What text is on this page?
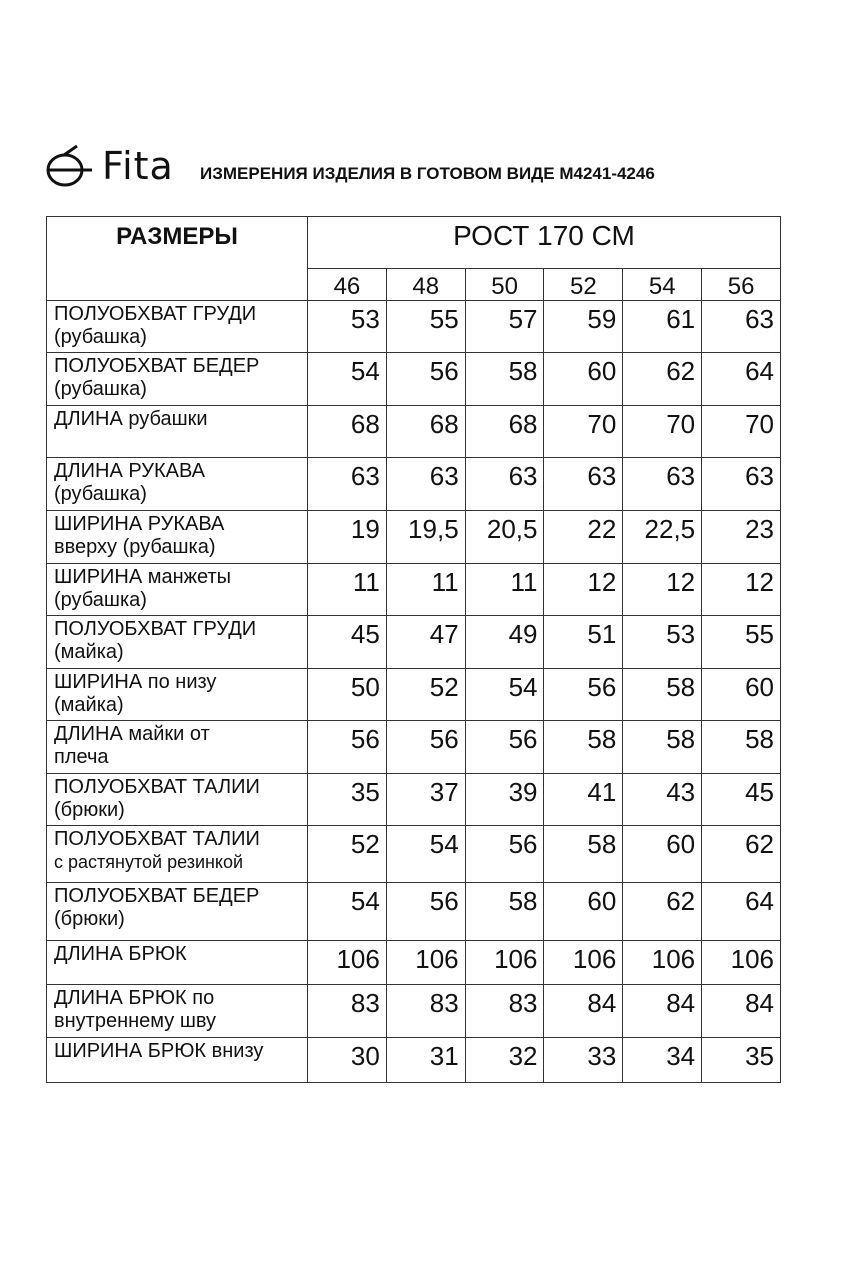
Fita ИЗМЕРЕНИЯ ИЗДЕЛИЯ В ГОТОВОМ ВИДЕ М4241-4246
РАЗМЕРЫ	РОСТ 170 СМ					
	46	48	50	52	54	56

ПОЛУОБХВАТ ГРУДИ
(рубашка)	53	55	57	59	61	63

ПОЛУОБХВАТ БЕДЕР
(рубашка)	54	56	58	60	62	64

ДЛИНА рубашки	68	68	68	70	70	70

ДЛИНА РУКАВА
(рубашка)	63	63	63	63	63	63

ШИРИНА РУКАВА
вверху (рубашка)	19	19,5	20,5	22	22,5	23

ШИРИНА манжеты
(рубашка)	11	11	11	12	12	12

ПОЛУОБХВАТ ГРУДИ
(майка)	45	47	49	51	53	55

ШИРИНА по низу
(майка)	50	52	54	56	58	60

ДЛИНА майки от
плеча	56	56	56	58	58	58

ПОЛУОБХВАТ ТАЛИИ
(брюки)	35	37	39	41	43	45

ПОЛУОБХВАТ ТАЛИИ
с растянутой резинкой	52	54	56	58	60	62

ПОЛУОБХВАТ БЕДЕР
(брюки)	54	56	58	60	62	64

ДЛИНА БРЮК	106	106	106	106	106	106

ДЛИНА БРЮК по
внутреннему шву	83	83	83	84	84	84

ШИРИНА БРЮК внизу	30	31	32	33	34	35
